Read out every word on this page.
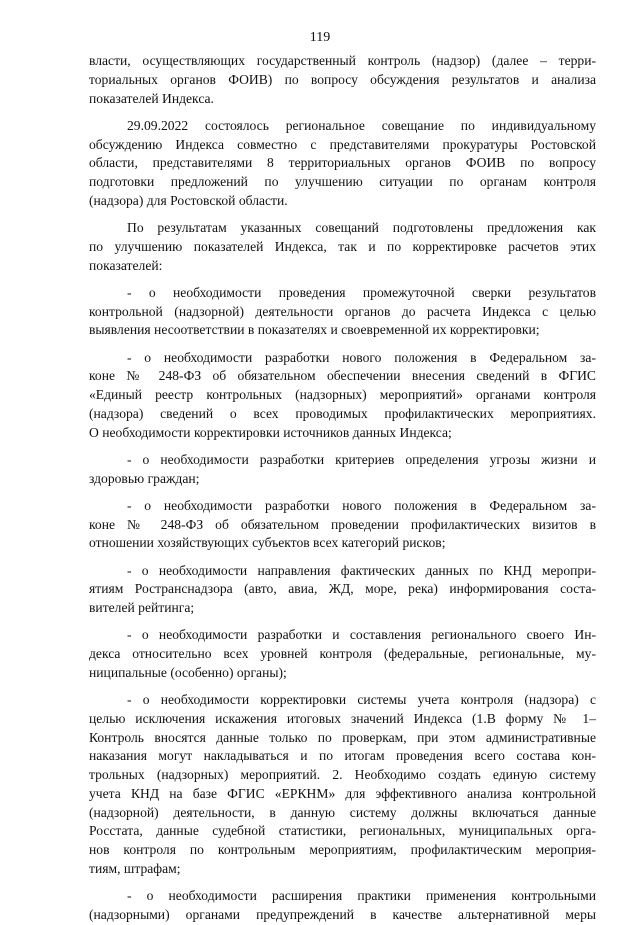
119

власти, осуществляющих государственный контроль (надзор) (далее – терри-
ториальных органов ФОИВ) по вопросу обсуждения результатов и анализа
показателей Индекса.

29.09.2022 состоялось региональное совещание по индивидуальному
обсуждению Индекса совместно с представителями прокуратуры Ростовской
области, представителями 8 территориальных органов ФОИВ по вопросу
подготовки предложений по улучшению ситуации по органам контроля
(надзора) для Ростовской области.

По результатам указанных совещаний подготовлены предложения как
по улучшению показателей Индекса, так и по корректировке расчетов этих
показателей:

- о необходимости проведения промежуточной сверки результатов
контрольной (надзорной) деятельности органов до расчета Индекса с целью
выявления несоответствии в показателях и своевременной их корректировки;

- о необходимости разработки нового положения в Федеральном за-
коне № 248-ФЗ об обязательном обеспечении внесения сведений в ФГИС
«Единый реестр контрольных (надзорных) мероприятий» органами контроля
(надзора) сведений о всех проводимых профилактических мероприятиях.
О необходимости корректировки источников данных Индекса;

- о необходимости разработки критериев определения угрозы жизни и
здоровью граждан;

- о необходимости разработки нового положения в Федеральном за-
коне № 248-ФЗ об обязательном проведении профилактических визитов в
отношении хозяйствующих субъектов всех категорий рисков;

- о необходимости направления фактических данных по КНД меропри-
ятиям Ространснадзора (авто, авиа, ЖД, море, река) информирования соста-
вителей рейтинга;

- о необходимости разработки и составления регионального своего Ин-
декса относительно всех уровней контроля (федеральные, региональные, му-
ниципальные (особенно) органы);

- о необходимости корректировки системы учета контроля (надзора) с
целью исключения искажения итоговых значений Индекса (1.В форму № 1–
Контроль вносятся данные только по проверкам, при этом административные
наказания могут накладываться и по итогам проведения всего состава кон-
трольных (надзорных) мероприятий. 2. Необходимо создать единую систему
учета КНД на базе ФГИС «ЕРКНМ» для эффективного анализа контрольной
(надзорной) деятельности, в данную систему должны включаться данные
Росстата, данные судебной статистики, региональных, муниципальных орга-
нов контроля по контрольным мероприятиям, профилактическим мероприя-
тиям, штрафам;

- о необходимости расширения практики применения контрольными
(надзорными) органами предупреждений в качестве альтернативной меры
